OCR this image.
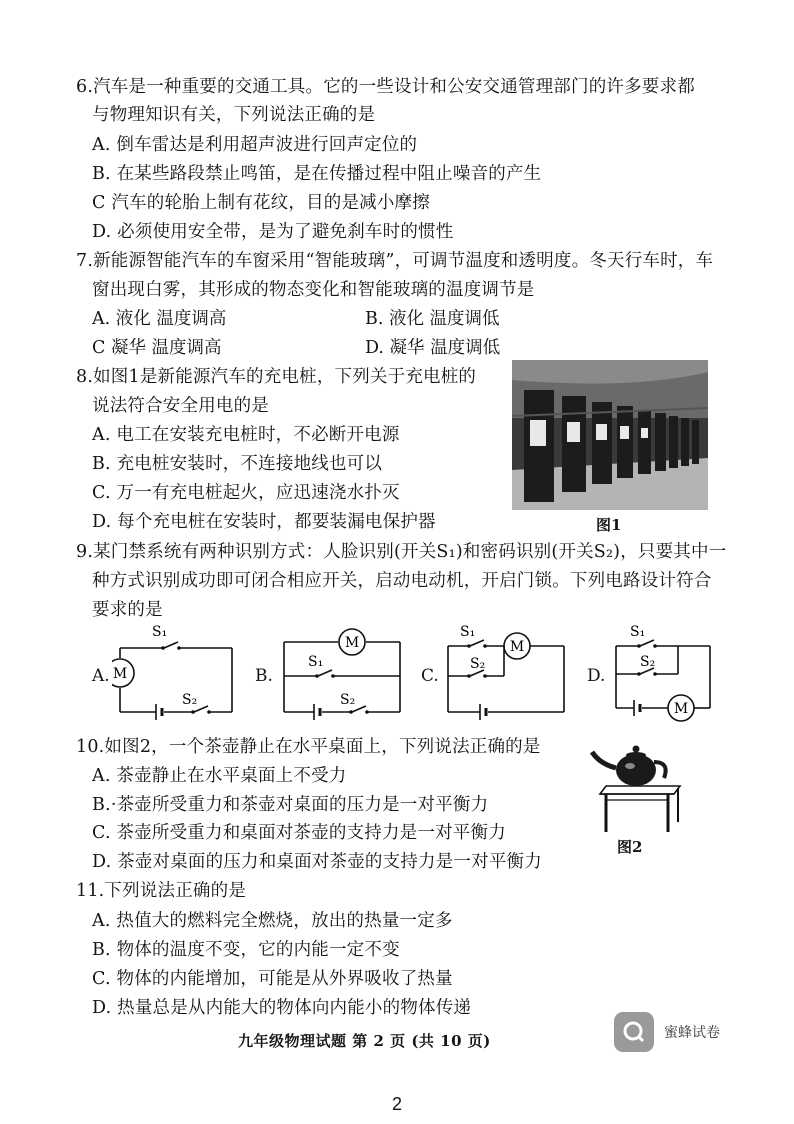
6.汽车是一种重要的交通工具。它的一些设计和公安交通管理部门的许多要求都
与物理知识有关，下列说法正确的是
A. 倒车雷达是利用超声波进行回声定位的
B. 在某些路段禁止鸣笛，是在传播过程中阻止噪音的产生
C 汽车的轮胎上制有花纹，目的是减小摩擦
D. 必须使用安全带，是为了避免刹车时的惯性
7.新能源智能汽车的车窗采用“智能玻璃”，可调节温度和透明度。冬天行车时，车
窗出现白雾，其形成的物态变化和智能玻璃的温度调节是
A. 液化 温度调高	B. 液化 温度调低
C 凝华 温度调高	D. 凝华 温度调低
8.如图1是新能源汽车的充电桩，下列关于充电桩的
说法符合安全用电的是
A. 电工在安装充电桩时，不必断开电源
B. 充电桩安装时，不连接地线也可以
C. 万一有充电桩起火，应迅速浇水扑灭
D. 每个充电桩在安装时，都要装漏电保护器	图1
9.某门禁系统有两种识别方式：人脸识别(开关S₁)和密码识别(开关S₂)，只要其中一
种方式识别成功即可闭合相应开关，启动电动机，开启门锁。下列电路设计符合
要求的是
A. M
S₁
S₂
B.
M
S₁
S₂
C.
M
S₁
S₂
D.
M
S₁
S₂
10.如图2，一个茶壶静止在水平桌面上，下列说法正确的是
A. 茶壶静止在水平桌面上不受力
B.·茶壶所受重力和茶壶对桌面的压力是一对平衡力
C. 茶壶所受重力和桌面对茶壶的支持力是一对平衡力
D. 茶壶对桌面的压力和桌面对茶壶的支持力是一对平衡力
图2
11.下列说法正确的是
A. 热值大的燃料完全燃烧，放出的热量一定多
B. 物体的温度不变，它的内能一定不变
C. 物体的内能增加，可能是从外界吸收了热量
D. 热量总是从内能大的物体向内能小的物体传递
九年级物理试题 第 2 页 (共 10 页)	蜜蜂试卷
2
